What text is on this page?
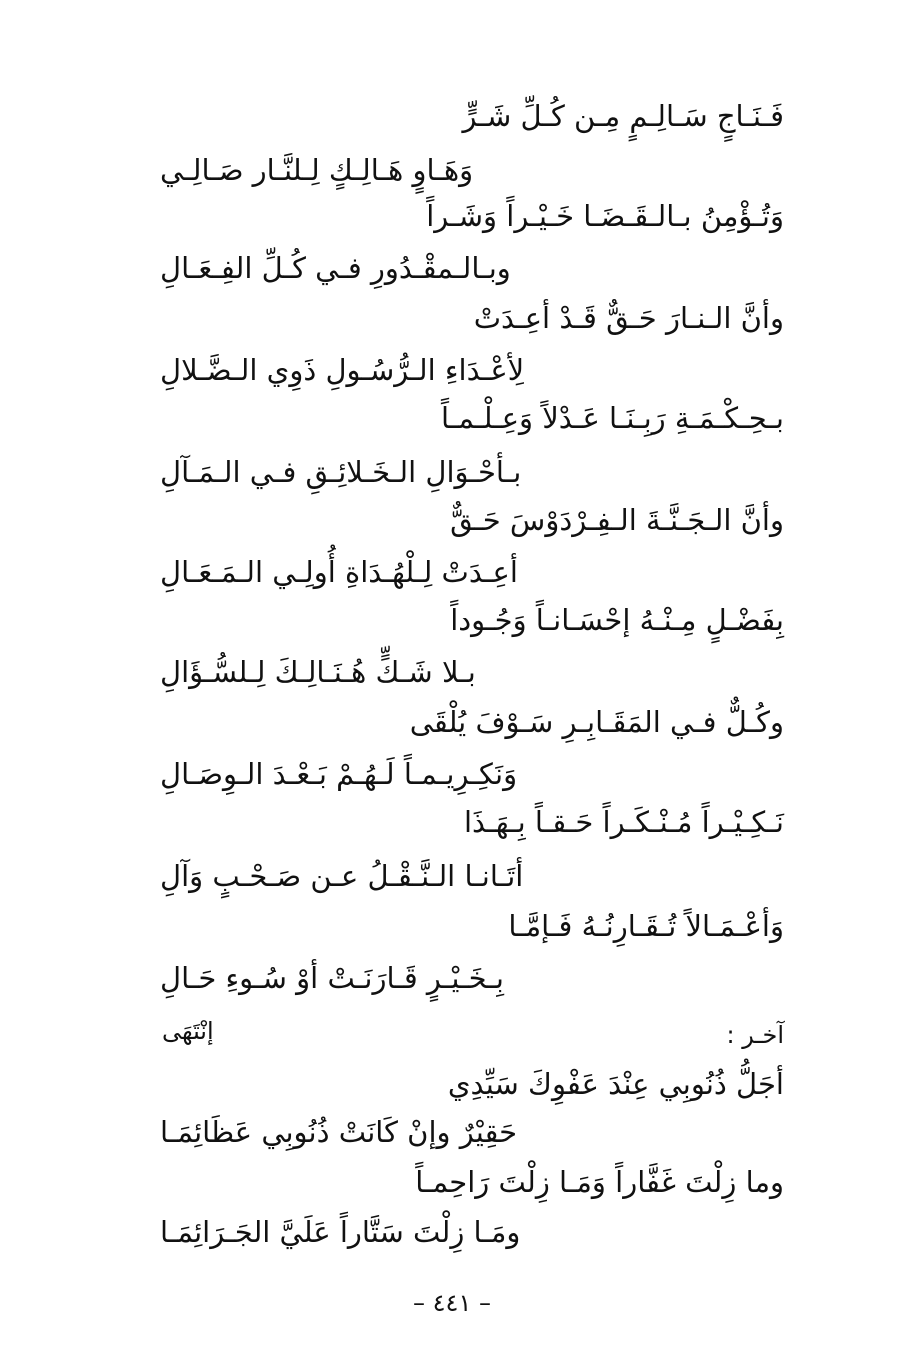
فَـنَـاجٍ سَـالِـمٍ مِـن كُـلِّ شَـرٍّ
وَهَـاوٍ هَـالِـكٍ لِـلنَّـار صَـالِـي
وَتُـؤْمِنُ بـالـقَـضَـا خَـيْـراً وَشَـراً
وبـالـمقْـدُورِ فـي كُـلِّ الفِـعَـالِ
وأنَّ الـنـارَ حَـقٌّ قَـدْ أعِـدَتْ
لِأعْـدَاءِ الـرُّسُـولِ ذَوِي الـضَّـلالِ
بـحِـكْـمَـةِ رَبِـنَـا عَـدْلاً وَعِـلْـمـاً
بـأحْـوَالِ الـخَـلائِـقِ فـي الـمَـآلِ
وأنَّ الـجَـنَّـةَ الـفِـرْدَوْسَ حَـقٌّ
أعِـدَتْ لِـلْهُـدَاةِ أُولِـي الـمَـعَـالِ
بِفَضْـلٍ مِـنْـهُ إحْسَـانـاً وَجُـوداً
بـلا شَـكٍّ هُـنَـالِـكَ لِـلسُّـؤَالِ
وكُـلٌّ فـي المَقَـابِـرِ سَـوْفَ يُلْقَى
وَنَكِـرِيـمـاً لَـهُـمْ بَـعْـدَ الـوِصَـالِ
نَـكِـيْـراً مُـنْـكَـراً حَـقـاً بِـهَـذَا
أتَـانـا الـنَّـقْـلُ عـن صَـحْـبٍ وَآلِ
وَأعْـمَـالاً تُـقَـارِنُـهُ فَـإمَّـا
بِـخَـيْـرٍ قَـارَنَـتْ أوْ سُـوءِ حَـالِ
إنْتَهَى	آخـر :
أجَلُّ ذُنُوبِي عِنْدَ عَفْوِكَ سَيِّدِي
حَقِيْرٌ وإنْ كَانَتْ ذُنُوبِي عَظَائِمَـا
وما زِلْتَ غَفَّاراً وَمَـا زِلْتَ رَاحِمـاً
ومَـا زِلْتَ سَتَّاراً عَلَيَّ الجَـرَائِمَـا
– ٤٤١ –
